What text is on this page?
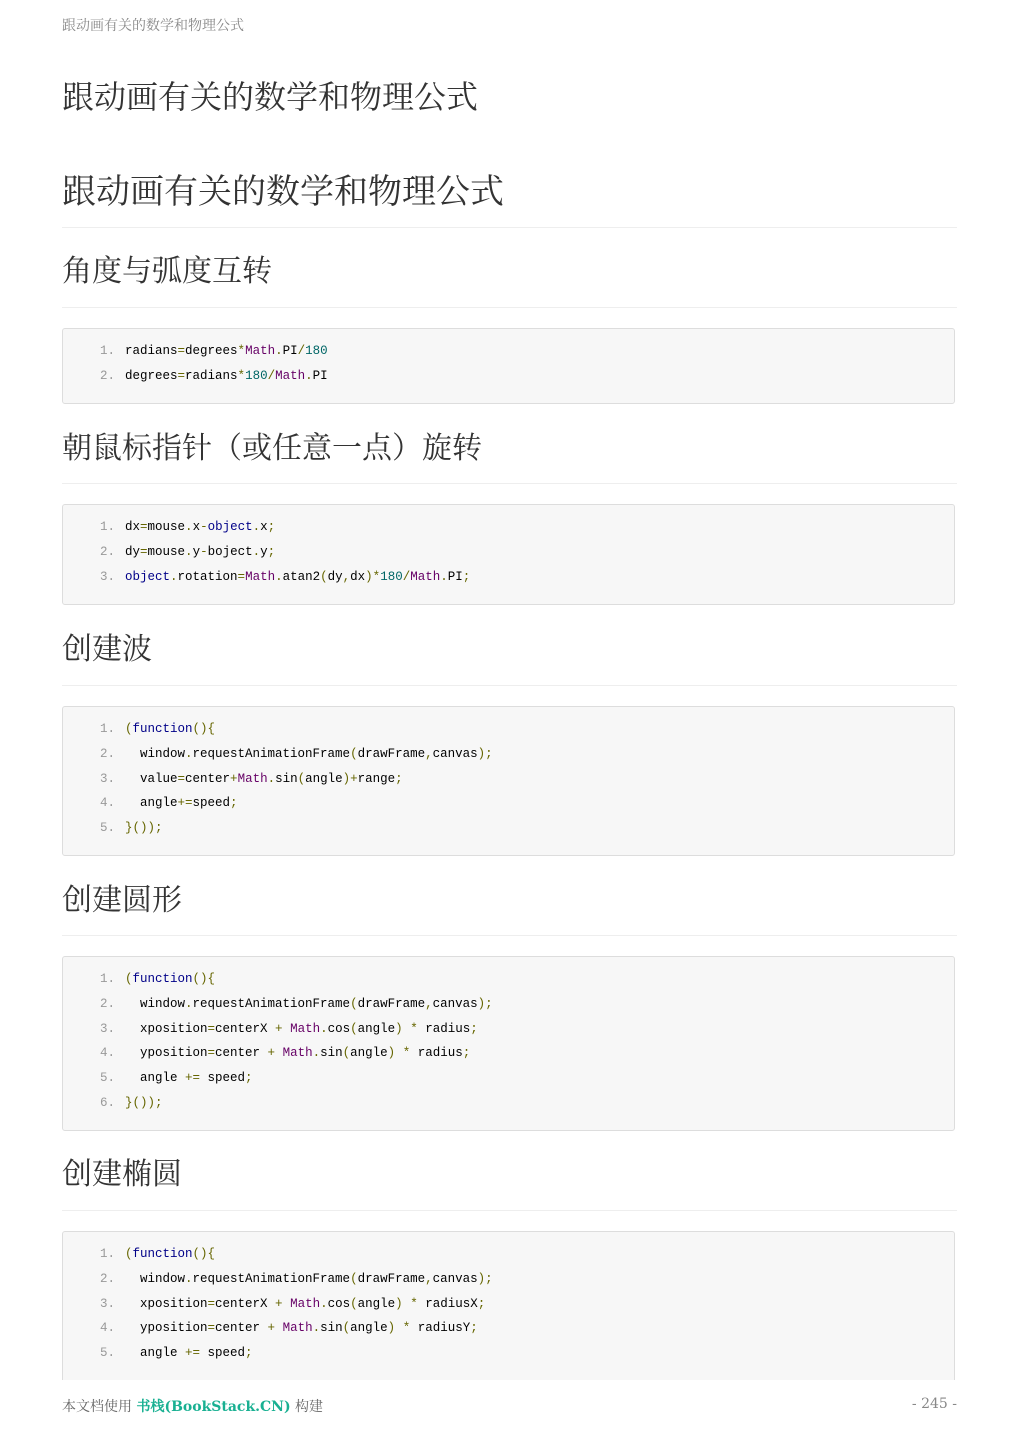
跟动画有关的数学和物理公式
跟动画有关的数学和物理公式
跟动画有关的数学和物理公式
角度与弧度互转
1. radians=degrees*Math.PI/180
2. degrees=radians*180/Math.PI
朝鼠标指针（或任意一点）旋转
1. dx=mouse.x-object.x;
2. dy=mouse.y-boject.y;
3. object.rotation=Math.atan2(dy,dx)*180/Math.PI;
创建波
1. (function(){
2. window.requestAnimationFrame(drawFrame,canvas);
3. value=center+Math.sin(angle)+range;
4. angle+=speed;
5. }());
创建圆形
1. (function(){
2. window.requestAnimationFrame(drawFrame,canvas);
3. xposition=centerX + Math.cos(angle) * radius;
4. yposition=center + Math.sin(angle) * radius;
5. angle += speed;
6. }());
创建椭圆
1. (function(){
2. window.requestAnimationFrame(drawFrame,canvas);
3. xposition=centerX + Math.cos(angle) * radiusX;
4. yposition=center + Math.sin(angle) * radiusY;
5. angle += speed;
本文档使用 书栈(BookStack.CN) 构建	- 245 -
